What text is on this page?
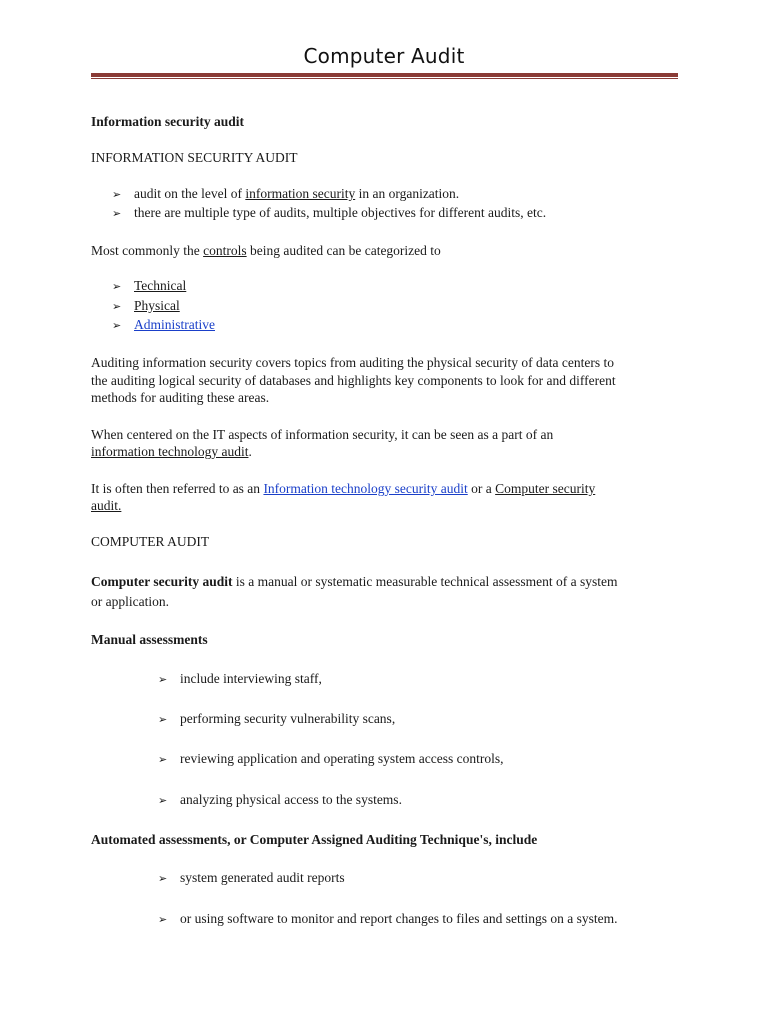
Computer Audit
Information security audit
INFORMATION SECURITY AUDIT
➢ audit on the level of information security in an organization.
➢ there are multiple type of audits, multiple objectives for different audits, etc.
Most commonly the controls being audited can be categorized to
➢ Technical
➢ Physical
➢ Administrative
Auditing information security covers topics from auditing the physical security of data centers to
the auditing logical security of databases and highlights key components to look for and different
methods for auditing these areas.
When centered on the IT aspects of information security, it can be seen as a part of an
information technology audit.
It is often then referred to as an Information technology security audit or a Computer security
audit.
COMPUTER AUDIT
Computer security audit is a manual or systematic measurable technical assessment of a system
or application.
Manual assessments
➢ include interviewing staff,
➢ performing security vulnerability scans,
➢ reviewing application and operating system access controls,
➢ analyzing physical access to the systems.
Automated assessments, or Computer Assigned Auditing Technique's, include
➢ system generated audit reports
➢ or using software to monitor and report changes to files and settings on a system.
